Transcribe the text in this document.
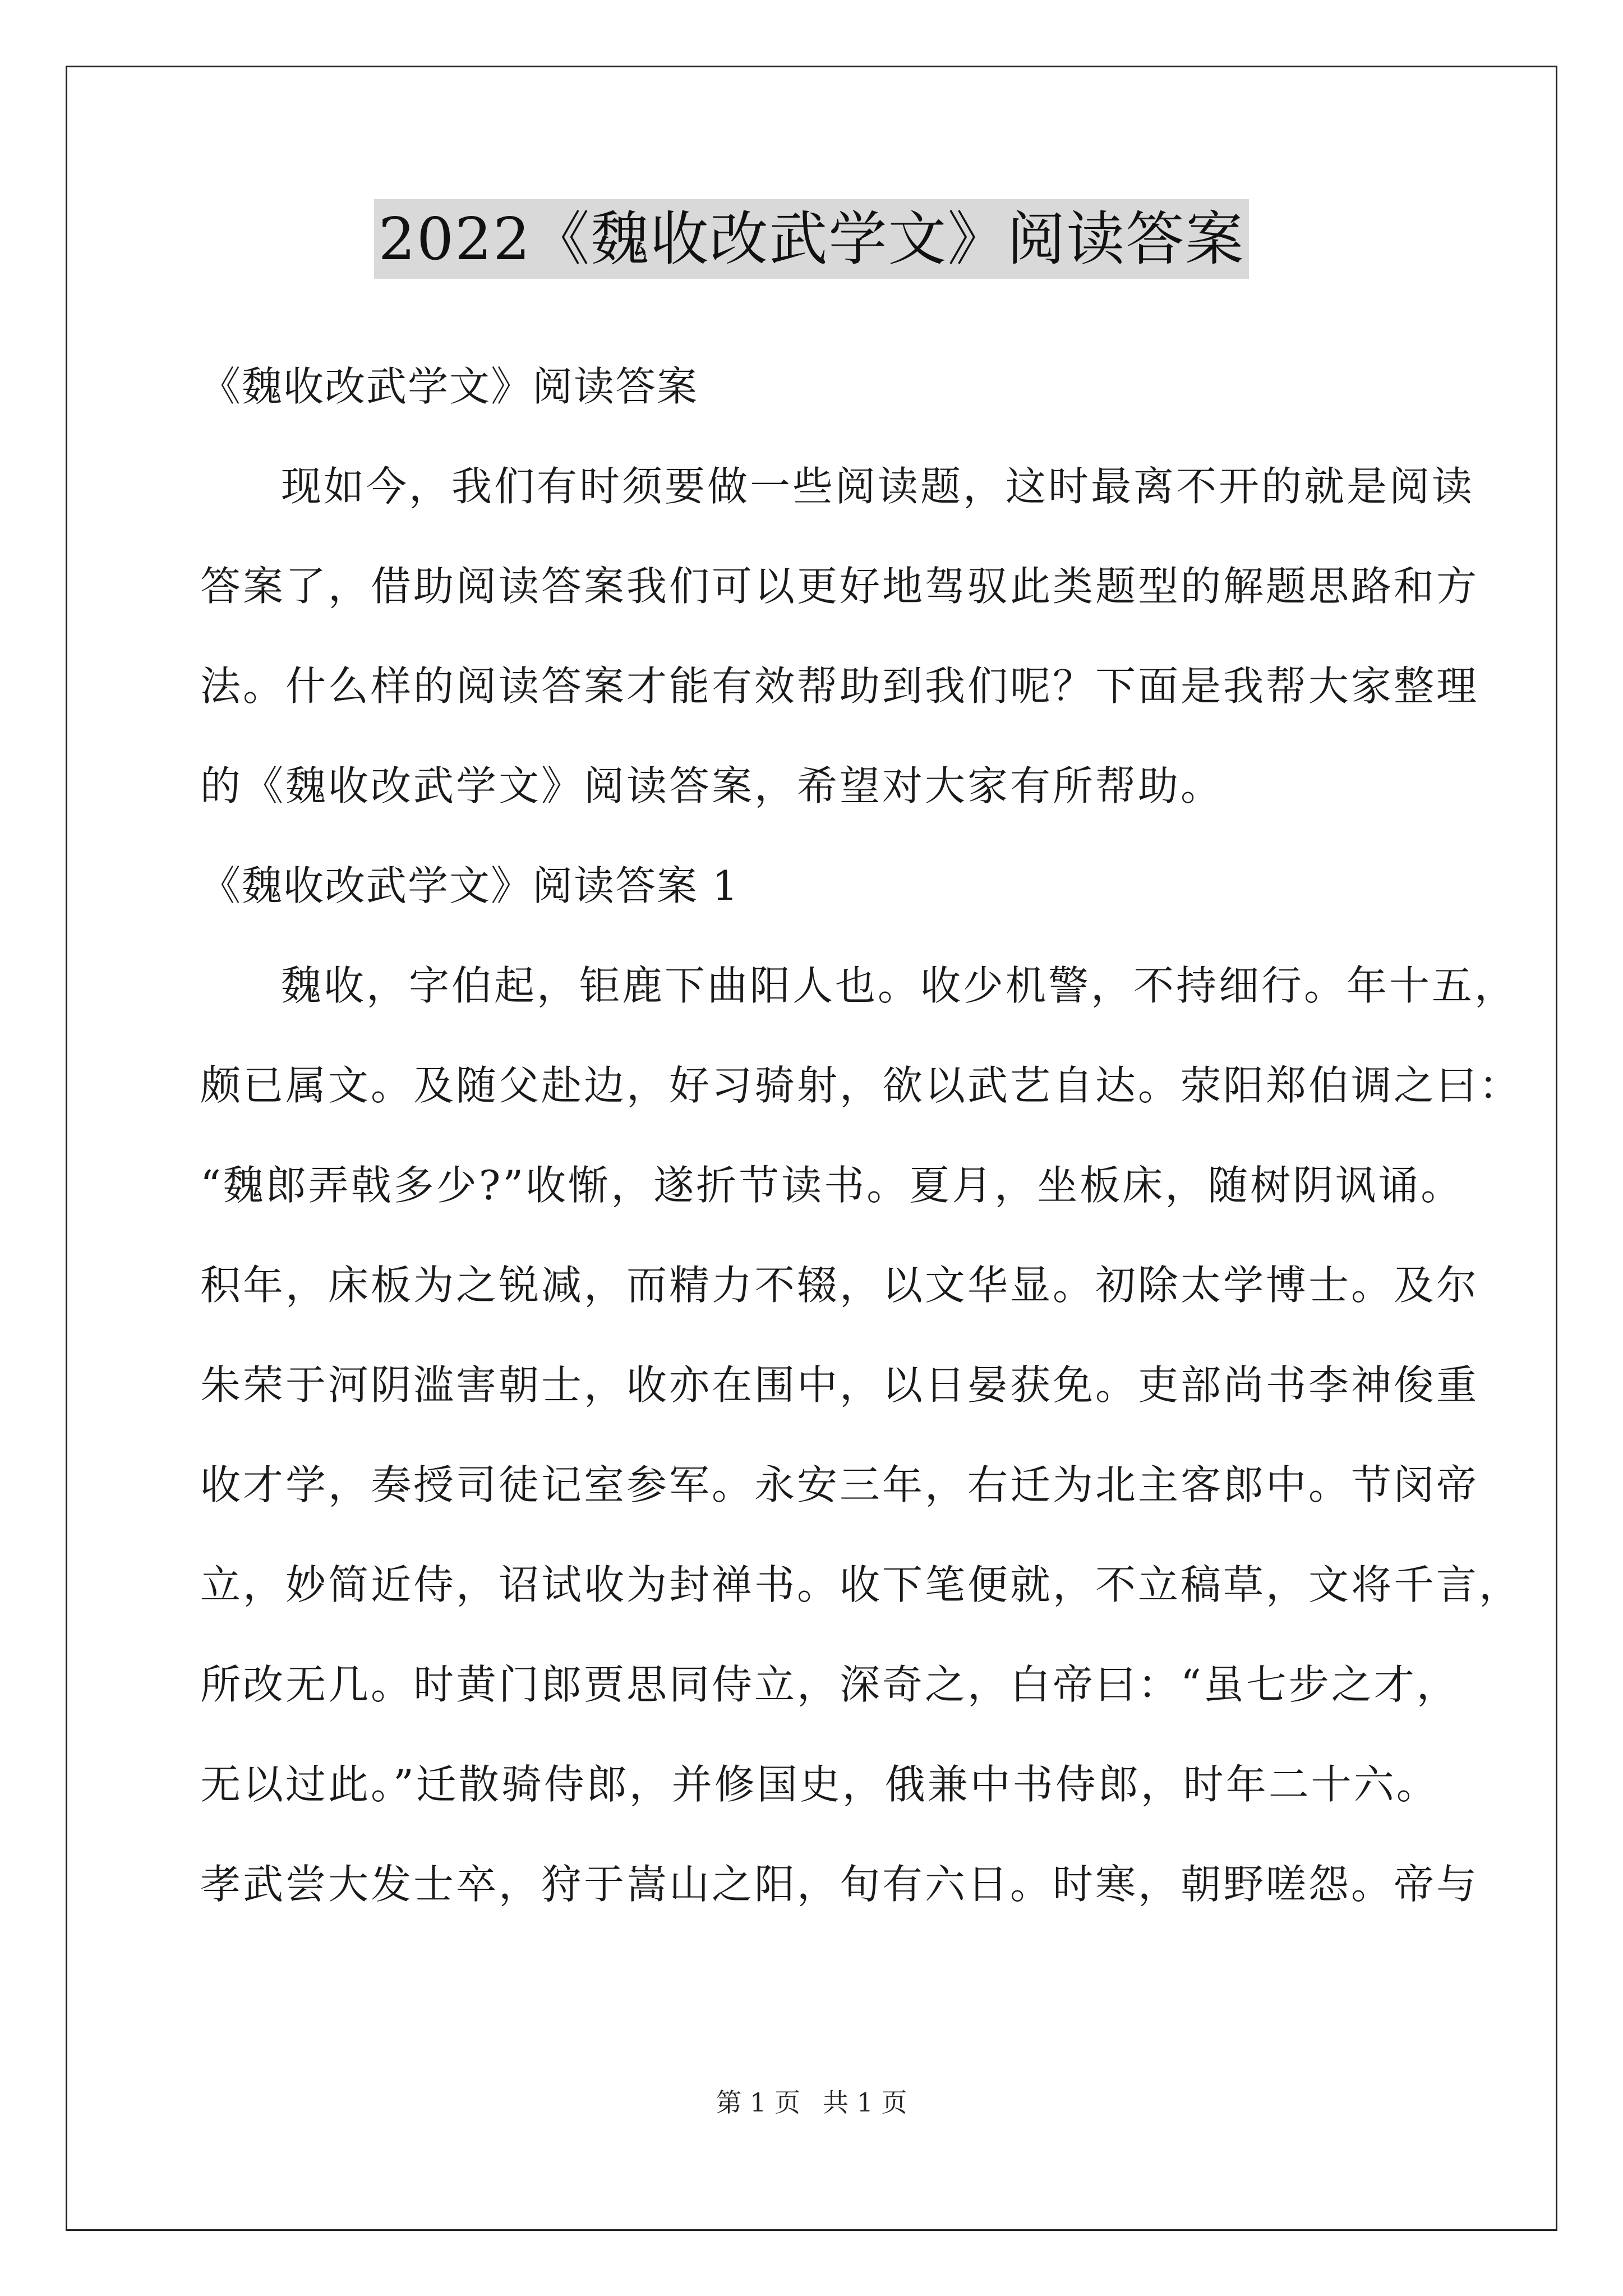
2022《魏收改武学文》阅读答案
《魏收改武学文》阅读答案
现如今，我们有时须要做一些阅读题，这时最离不开的就是阅读
答案了，借助阅读答案我们可以更好地驾驭此类题型的解题思路和方
法。什么样的阅读答案才能有效帮助到我们呢？下面是我帮大家整理
的《魏收改武学文》阅读答案，希望对大家有所帮助。
《魏收改武学文》阅读答案 1
魏收，字伯起，钜鹿下曲阳人也。收少机警，不持细行。年十五，
颇已属文。及随父赴边，好习骑射，欲以武艺自达。荥阳郑伯调之曰：
“魏郎弄戟多少?”收惭，遂折节读书。夏月，坐板床，随树阴讽诵。
积年，床板为之锐减，而精力不辍，以文华显。初除太学博士。及尔
朱荣于河阴滥害朝士，收亦在围中，以日晏获免。吏部尚书李神俊重
收才学，奏授司徒记室参军。永安三年，右迁为北主客郎中。节闵帝
立，妙简近侍，诏试收为封禅书。收下笔便就，不立稿草，文将千言，
所改无几。时黄门郎贾思同侍立，深奇之，白帝曰：“虽七步之才，
无以过此。”迁散骑侍郎，并修国史，俄兼中书侍郎，时年二十六。
孝武尝大发士卒，狩于嵩山之阳，旬有六日。时寒，朝野嗟怨。帝与
第 1 页 共 1 页
